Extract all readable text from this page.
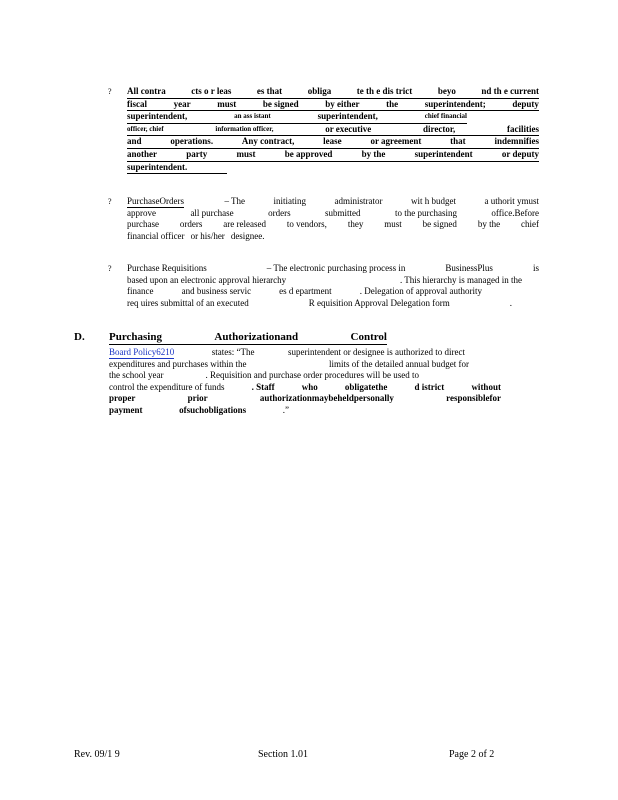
? All contra	cts o r leas	es that	obliga	te th e dis trict	beyo	nd th e current
fiscal	year	must	be signed	by either	the	superintendent;	deputy
superintendent,	an ass istant	superintendent,	chief financial
officer, chief	information officer,	or executive	director,	facilities
and	operations.	Any contract,	lease	or agreement	that	indemnifies
another	party	must	be approved	by the	superintendent	or deputy
superintendent.
? PurchaseOrders	– The	initiating	administrator	wit h budget	a uthorit ymust
approve	all purchase	orders	submitted	to the purchasing	office.Before
purchase orders are released to vendors, they must be signed by the chief
financial officer or his/her designee.
? Purchase Requisitions	– The electronic purchasing process in	BusinessPlus	is
based upon an electronic approval hierarchy	. This hierarchy is managed in the
finance	and business servic	es d epartment	. Delegation of approval authority
req uires submittal of an executed	R equisition Approval Delegation form	.
D. Purchasing	Authorizationand	Control
Board Policy6210	states: “The	superintendent or designee is authorized to direct
expenditures and purchases within the	limits of the detailed annual budget for
the school year	. Requisition and purchase order procedures will be used to
control the expenditure of funds	. Staff	who	obligatethe	d istrict	without
proper	prior	authorizationmaybeheldpersonally	responsiblefor
payment	ofsuchobligations	.”
Rev. 09/1 9	Section 1.01	Page 2 of 2
